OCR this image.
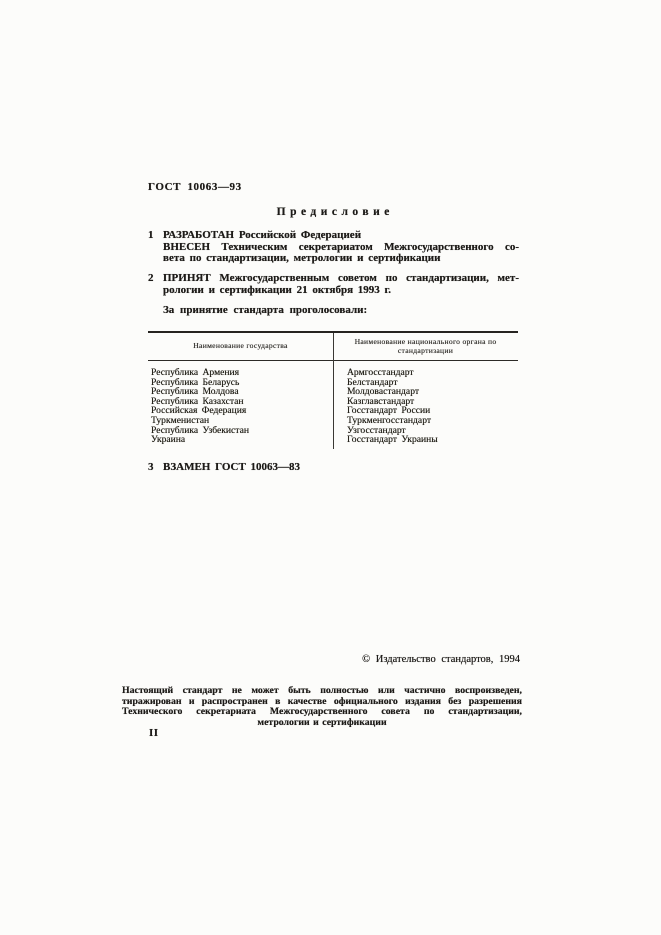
ГОСТ 10063—93
Предисловие
1 РАЗРАБОТАН Российской Федерацией
ВНЕСЕН Техническим секретариатом Межгосударственного со-
вета по стандартизации, метрологии и сертификации
2 ПРИНЯТ Межгосударственным советом по стандартизации, мет-
рологии и сертификации 21 октября 1993 г.
За принятие стандарта проголосовали:
Наименование государства	Наименование национального органа по стандартизации
Республика Армения	Армгосстандарт
Республика Беларусь	Белстандарт
Республика Молдова	Молдовастандарт
Республика Казахстан	Казглавстандарт
Российская Федерация	Госстандарт России
Туркменистан	Туркменгосстандарт
Республика Узбекистан	Узгосстандарт
Украина	Госстандарт Украины
3 ВЗАМЕН ГОСТ 10063—83
© Издательство стандартов, 1994
Настоящий стандарт не может быть полностью или частично воспроизведен,
тиражирован и распространен в качестве официального издания без разрешения
Технического секретариата Межгосударственного совета по стандартизации,
метрологии и сертификации
II
